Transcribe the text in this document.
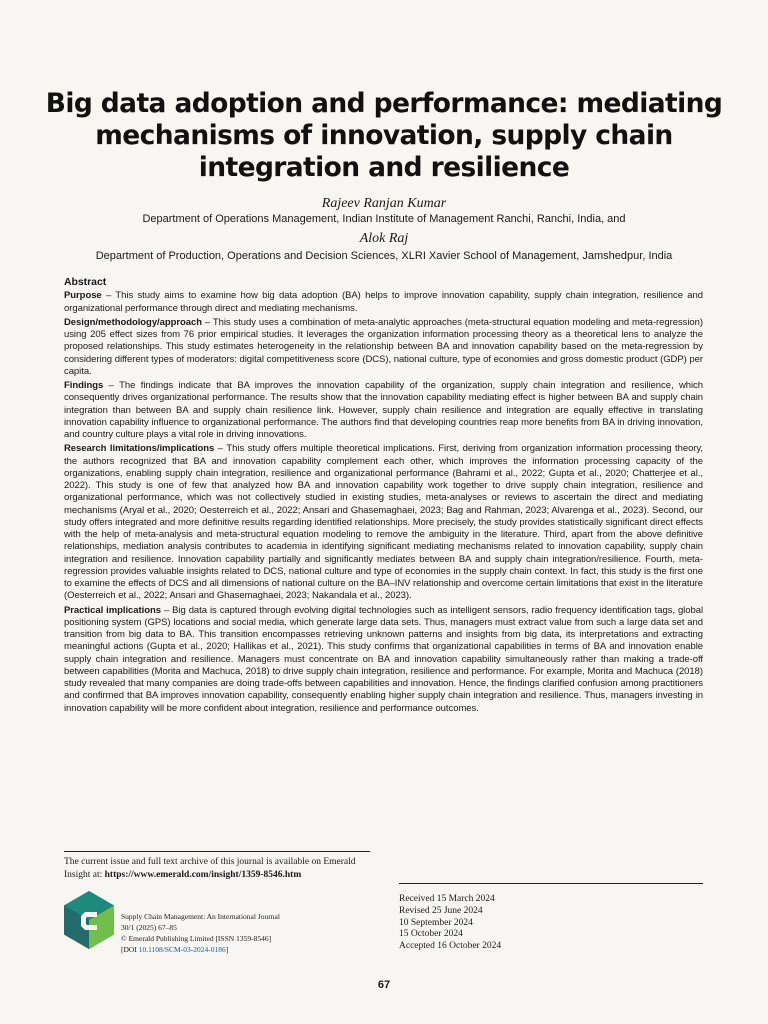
Big data adoption and performance: mediating mechanisms of innovation, supply chain integration and resilience
Rajeev Ranjan Kumar
Department of Operations Management, Indian Institute of Management Ranchi, Ranchi, India, and
Alok Raj
Department of Production, Operations and Decision Sciences, XLRI Xavier School of Management, Jamshedpur, India
Abstract

Purpose – This study aims to examine how big data adoption (BA) helps to improve innovation capability, supply chain integration, resilience and organizational performance through direct and mediating mechanisms.

Design/methodology/approach – This study uses a combination of meta-analytic approaches (meta-structural equation modeling and meta-regression) using 205 effect sizes from 76 prior empirical studies. It leverages the organization information processing theory as a theoretical lens to analyze the proposed relationships. This study estimates heterogeneity in the relationship between BA and innovation capability based on the meta-regression by considering different types of moderators: digital competitiveness score (DCS), national culture, type of economies and gross domestic product (GDP) per capita.

Findings – The findings indicate that BA improves the innovation capability of the organization, supply chain integration and resilience, which consequently drives organizational performance. The results show that the innovation capability mediating effect is higher between BA and supply chain integration than between BA and supply chain resilience link. However, supply chain resilience and integration are equally effective in translating innovation capability influence to organizational performance. The authors find that developing countries reap more benefits from BA in driving innovation, and country culture plays a vital role in driving innovations.

Research limitations/implications – This study offers multiple theoretical implications. First, deriving from organization information processing theory, the authors recognized that BA and innovation capability complement each other, which improves the information processing capacity of the organizations, enabling supply chain integration, resilience and organizational performance (Bahrami et al., 2022; Gupta et al., 2020; Chatterjee et al., 2022). This study is one of few that analyzed how BA and innovation capability work together to drive supply chain integration, resilience and organizational performance, which was not collectively studied in existing studies, meta-analyses or reviews to ascertain the direct and mediating mechanisms (Aryal et al., 2020; Oesterreich et al., 2022; Ansari and Ghasemaghaei, 2023; Bag and Rahman, 2023; Alvarenga et al., 2023). Second, our study offers integrated and more definitive results regarding identified relationships. More precisely, the study provides statistically significant direct effects with the help of meta-analysis and meta-structural equation modeling to remove the ambiguity in the literature. Third, apart from the above definitive relationships, mediation analysis contributes to academia in identifying significant mediating mechanisms related to innovation capability, supply chain integration and resilience. Innovation capability partially and significantly mediates between BA and supply chain integration/resilience. Fourth, meta-regression provides valuable insights related to DCS, national culture and type of economies in the supply chain context. In fact, this study is the first one to examine the effects of DCS and all dimensions of national culture on the BA–INV relationship and overcome certain limitations that exist in the literature (Oesterreich et al., 2022; Ansari and Ghasemaghaei, 2023; Nakandala et al., 2023).

Practical implications – Big data is captured through evolving digital technologies such as intelligent sensors, radio frequency identification tags, global positioning system (GPS) locations and social media, which generate large data sets. Thus, managers must extract value from such a large data set and transition from big data to BA. This transition encompasses retrieving unknown patterns and insights from big data, its interpretations and extracting meaningful actions (Gupta et al., 2020; Hallikas et al., 2021). This study confirms that organizational capabilities in terms of BA and innovation enable supply chain integration and resilience. Managers must concentrate on BA and innovation capability simultaneously rather than making a trade-off between capabilities (Morita and Machuca, 2018) to drive supply chain integration, resilience and performance. For example, Morita and Machuca (2018) study revealed that many companies are doing trade-offs between capabilities and innovation. Hence, the findings clarified confusion among practitioners and confirmed that BA improves innovation capability, consequently enabling higher supply chain integration and resilience. Thus, managers investing in innovation capability will be more confident about integration, resilience and performance outcomes.

The current issue and full text archive of this journal is available on Emerald Insight at: https://www.emerald.com/insight/1359-8546.htm
Supply Chain Management: An International Journal
30/1 (2025) 67–85
© Emerald Publishing Limited [ISSN 1359-8546]
[DOI 10.1108/SCM-03-2024-0186]
Received 15 March 2024
Revised 25 June 2024
10 September 2024
15 October 2024
Accepted 16 October 2024
67
